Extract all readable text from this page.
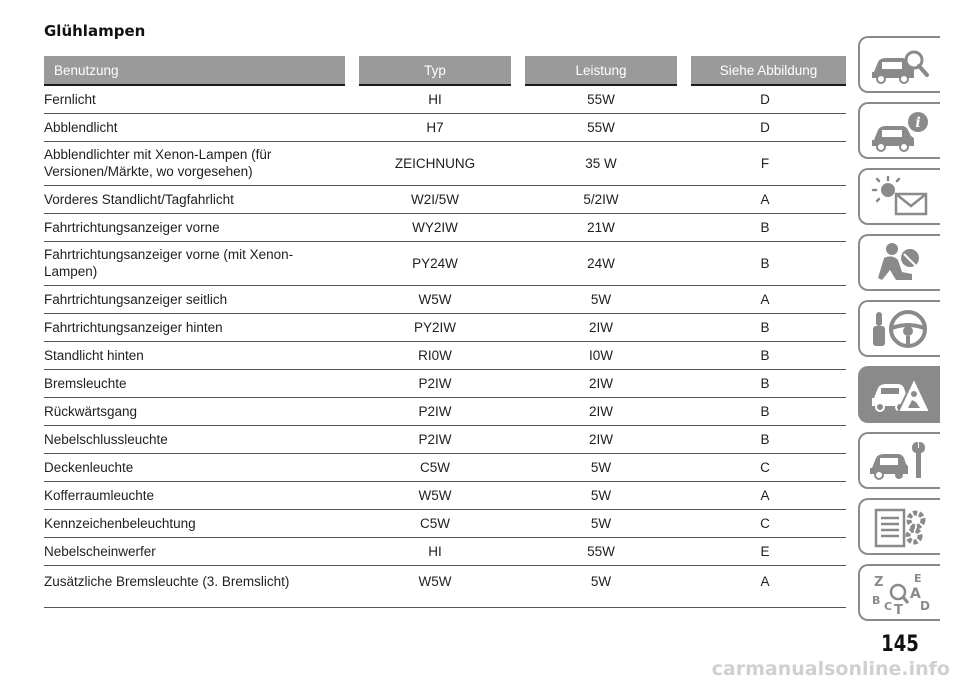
Glühlampen
Benutzung	Typ	Leistung	Siehe Abbildung
Fernlicht	HI	55W	D
Abblendlicht	H7	55W	D
Abblendlichter mit Xenon-Lampen (für Versionen/Märkte, wo vorgesehen)	ZEICHNUNG	35 W	F
Vorderes Standlicht/Tagfahrlicht	W2I/5W	5/2IW	A
Fahrtrichtungsanzeiger vorne	WY2IW	21W	B
Fahrtrichtungsanzeiger vorne (mit Xenon-Lampen)	PY24W	24W	B
Fahrtrichtungsanzeiger seitlich	W5W	5W	A
Fahrtrichtungsanzeiger hinten	PY2IW	2IW	B
Standlicht hinten	RI0W	I0W	B
Bremsleuchte	P2IW	2IW	B
Rückwärtsgang	P2IW	2IW	B
Nebelschlussleuchte	P2IW	2IW	B
Deckenleuchte	C5W	5W	C
Kofferraumleuchte	W5W	5W	A
Kennzeichenbeleuchtung	C5W	5W	C
Nebelscheinwerfer	HI	55W	E
Zusätzliche Bremsleuchte (3. Bremslicht)	W5W	5W	A
i
Z	E
A
B C T D
145
carmanualsonline.info
